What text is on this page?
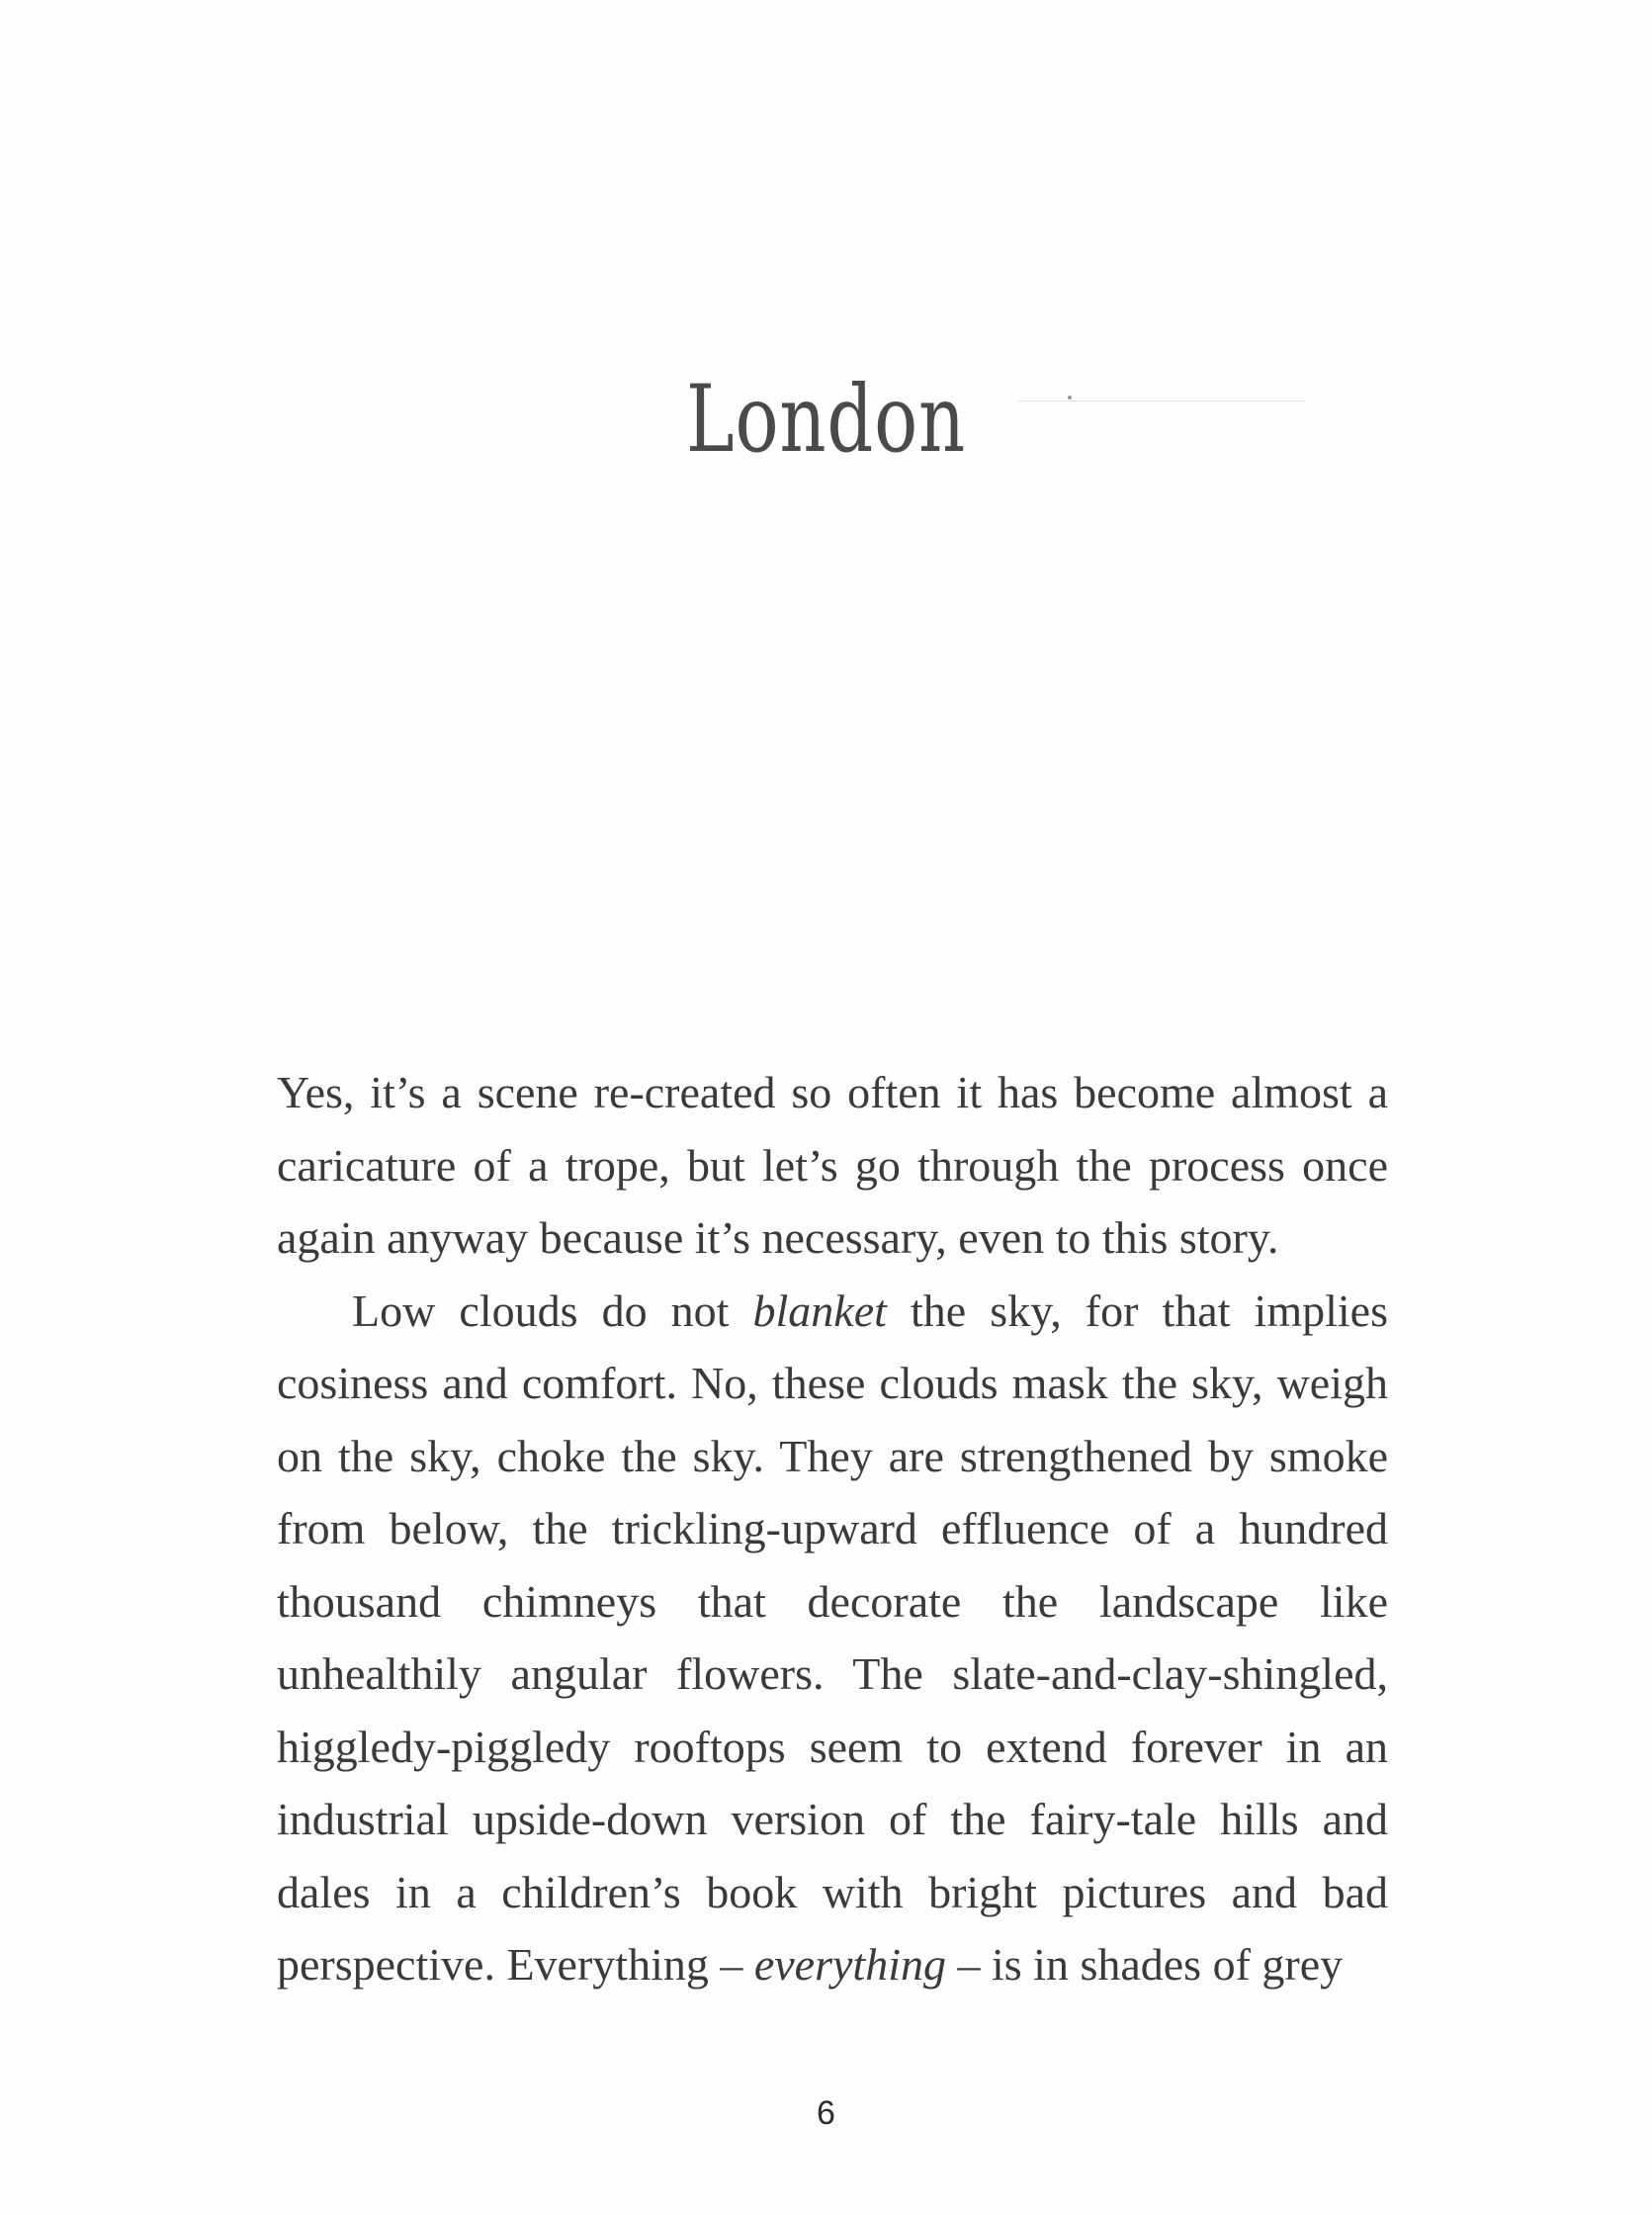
London

Yes, it’s a scene re-created so often it has become almost a caricature of a trope, but let’s go through the process once again anyway because it’s necessary, even to this story.

Low clouds do not blanket the sky, for that implies cosiness and comfort. No, these clouds mask the sky, weigh on the sky, choke the sky. They are strengthened by smoke from below, the trickling-upward effluence of a hundred thousand chimneys that decorate the landscape like unhealthily angular flowers. The slate-and-clay-shingled, higgledy-piggledy rooftops seem to extend forever in an industrial upside-down version of the fairy-tale hills and dales in a children’s book with bright pictures and bad perspective. Everything – everything – is in shades of grey

6
